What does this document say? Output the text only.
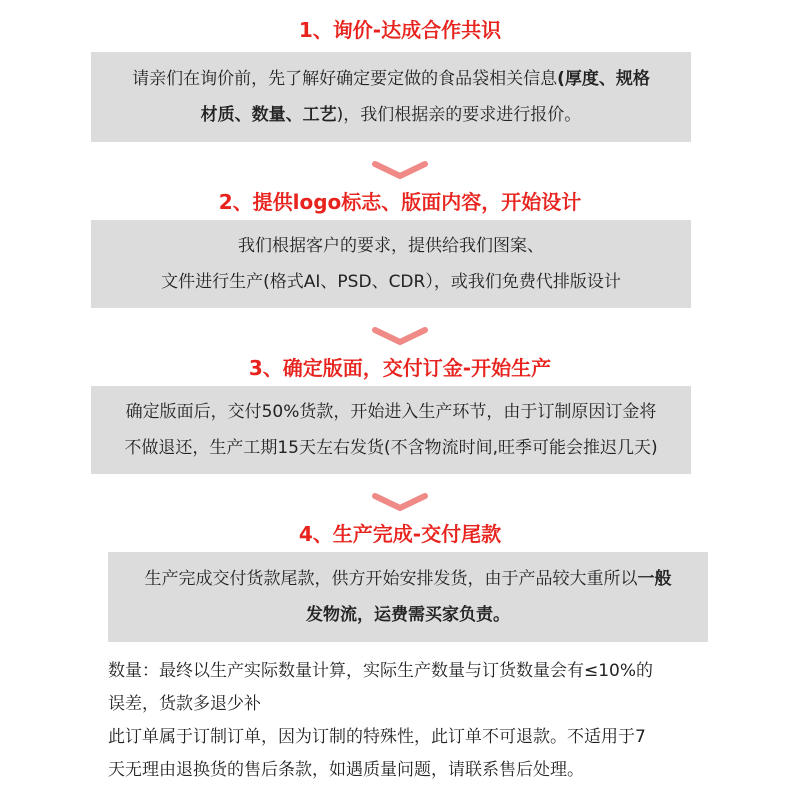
1、询价-达成合作共识
请亲们在询价前，先了解好确定要定做的食品袋相关信息(厚度、规格
材质、数量、工艺)，我们根据亲的要求进行报价。
2、提供logo标志、版面内容，开始设计
我们根据客户的要求，提供给我们图案、
文件进行生产(格式AI、PSD、CDR），或我们免费代排版设计
3、确定版面，交付订金-开始生产
确定版面后，交付50%货款，开始进入生产环节，由于订制原因订金将
不做退还，生产工期15天左右发货(不含物流时间,旺季可能会推迟几天)
4、生产完成-交付尾款
生产完成交付货款尾款，供方开始安排发货，由于产品较大重所以一般
发物流，运费需买家负责。
数量：最终以生产实际数量计算，实际生产数量与订货数量会有≤10%的
误差，货款多退少补
此订单属于订制订单，因为订制的特殊性，此订单不可退款。不适用于7
天无理由退换货的售后条款，如遇质量问题，请联系售后处理。
